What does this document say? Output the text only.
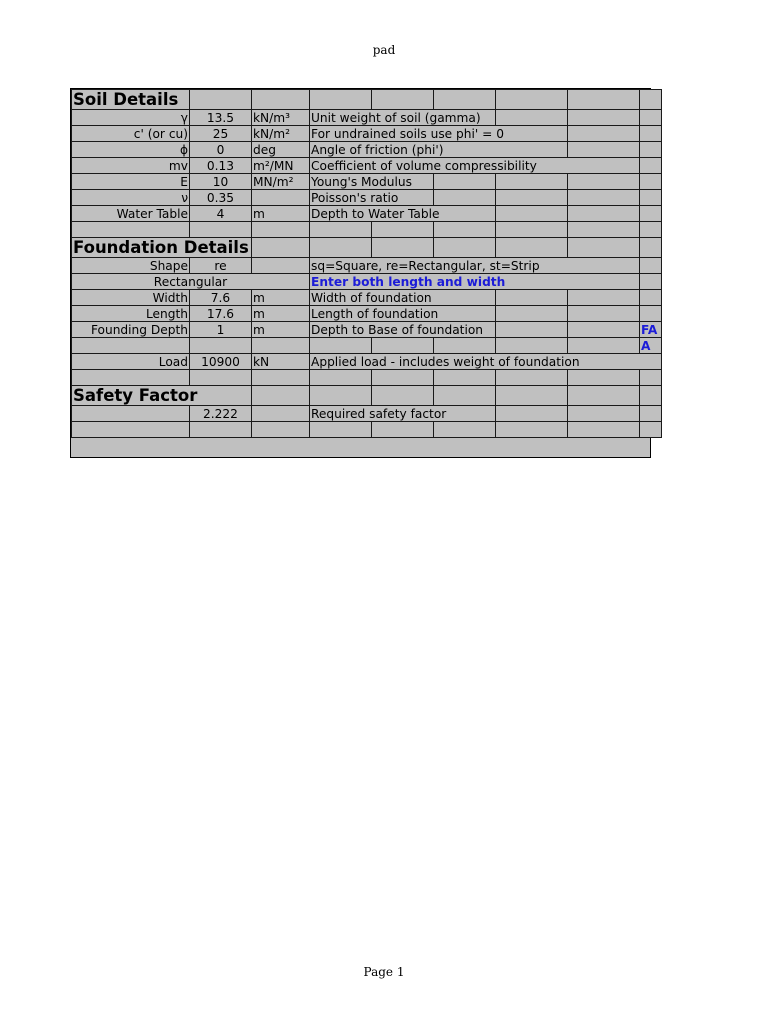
pad
Soil Details								
γ	13.5	kN/m³	Unit weight of soil (gamma)					
c' (or cu)	25	kN/m²	For undrained soils use phi' = 0					
ϕ	0	deg	Angle of friction (phi')					
mv	0.13	m²/MN	Coefficient of volume compressibility					
E	10	MN/m²	Young's Modulus					
ν	0.35		Poisson's ratio					
Water Table	4	m	Depth to Water Table					

Foundation Details								
Shape	re		sq=Square, re=Rectangular, st=Strip					
Rectangular			Enter both length and width					
Width	7.6	m	Width of foundation					
Length	17.6	m	Length of foundation					
Founding Depth	1	m	Depth to Base of foundation					FA
								A
Load	10900	kN	Applied load - includes weight of foundation					

Safety Factor								
	2.222		Required safety factor					

Page 1
